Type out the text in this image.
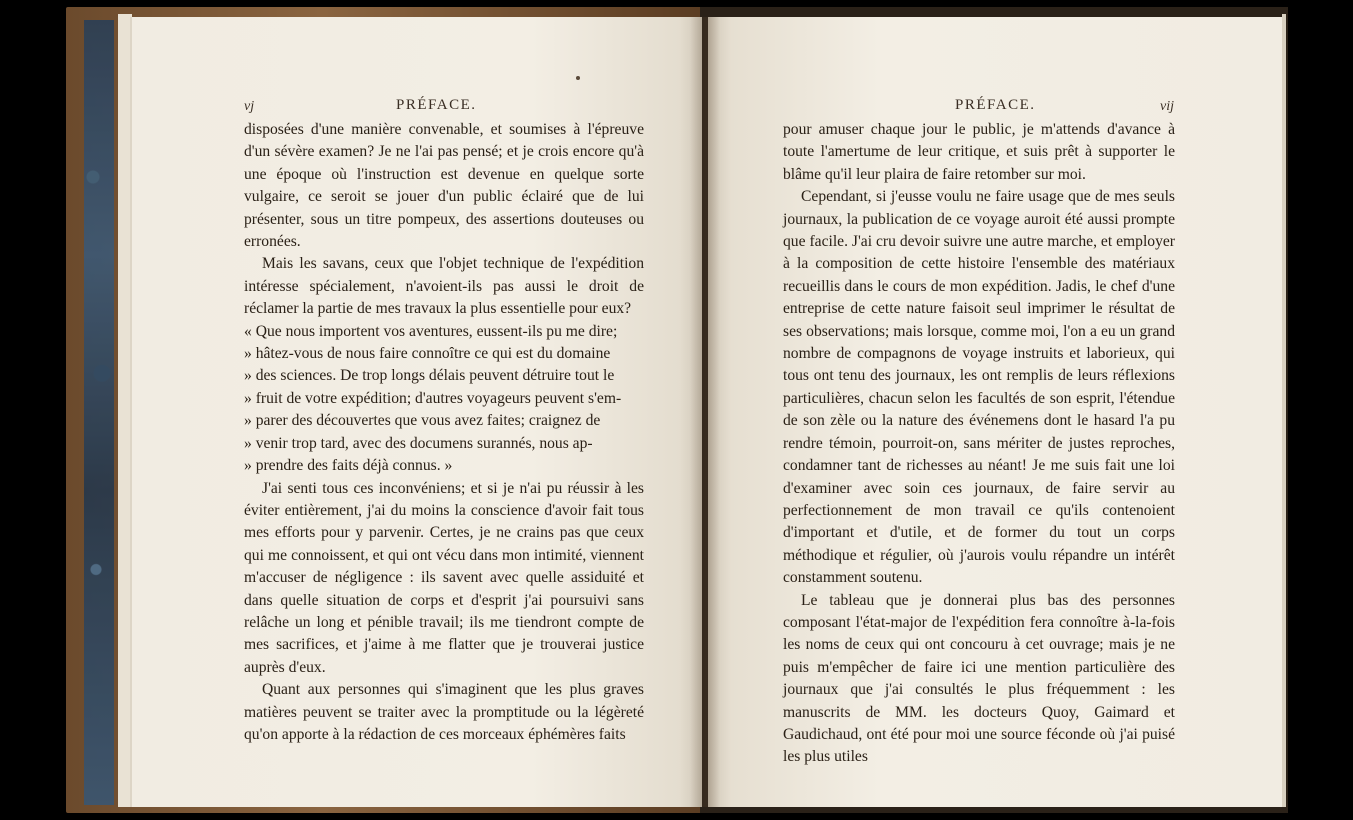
vj	PRÉFACE.

disposées d'une manière convenable, et soumises à l'épreuve d'un sévère examen? Je ne l'ai pas pensé; et je crois encore qu'à une époque où l'instruction est devenue en quelque sorte vulgaire, ce seroit se jouer d'un public éclairé que de lui présenter, sous un titre pompeux, des assertions douteuses ou erronées.

Mais les savans, ceux que l'objet technique de l'expédition intéresse spécialement, n'avoient-ils pas aussi le droit de réclamer la partie de mes travaux la plus essentielle pour eux?

« Que nous importent vos aventures, eussent-ils pu me dire;
» hâtez-vous de nous faire connoître ce qui est du domaine
» des sciences. De trop longs délais peuvent détruire tout le
» fruit de votre expédition; d'autres voyageurs peuvent s'em-
» parer des découvertes que vous avez faites; craignez de
» venir trop tard, avec des documens surannés, nous ap-
» prendre des faits déjà connus. »

J'ai senti tous ces inconvéniens; et si je n'ai pu réussir à les éviter entièrement, j'ai du moins la conscience d'avoir fait tous mes efforts pour y parvenir. Certes, je ne crains pas que ceux qui me connoissent, et qui ont vécu dans mon intimité, viennent m'accuser de négligence : ils savent avec quelle assiduité et dans quelle situation de corps et d'esprit j'ai poursuivi sans relâche un long et pénible travail; ils me tiendront compte de mes sacrifices, et j'aime à me flatter que je trouverai justice auprès d'eux.

Quant aux personnes qui s'imaginent que les plus graves matières peuvent se traiter avec la promptitude ou la légèreté qu'on apporte à la rédaction de ces morceaux éphémères faits

PRÉFACE.	vij

pour amuser chaque jour le public, je m'attends d'avance à toute l'amertume de leur critique, et suis prêt à supporter le blâme qu'il leur plaira de faire retomber sur moi.

Cependant, si j'eusse voulu ne faire usage que de mes seuls journaux, la publication de ce voyage auroit été aussi prompte que facile. J'ai cru devoir suivre une autre marche, et employer à la composition de cette histoire l'ensemble des matériaux recueillis dans le cours de mon expédition. Jadis, le chef d'une entreprise de cette nature faisoit seul imprimer le résultat de ses observations; mais lorsque, comme moi, l'on a eu un grand nombre de compagnons de voyage instruits et laborieux, qui tous ont tenu des journaux, les ont remplis de leurs réflexions particulières, chacun selon les facultés de son esprit, l'étendue de son zèle ou la nature des événemens dont le hasard l'a pu rendre témoin, pourroit-on, sans mériter de justes reproches, condamner tant de richesses au néant! Je me suis fait une loi d'examiner avec soin ces journaux, de faire servir au perfectionnement de mon travail ce qu'ils contenoient d'important et d'utile, et de former du tout un corps méthodique et régulier, où j'aurois voulu répandre un intérêt constamment soutenu.

Le tableau que je donnerai plus bas des personnes composant l'état-major de l'expédition fera connoître à-la-fois les noms de ceux qui ont concouru à cet ouvrage; mais je ne puis m'empêcher de faire ici une mention particulière des journaux que j'ai consultés le plus fréquemment : les manuscrits de MM. les docteurs Quoy, Gaimard et Gaudichaud, ont été pour moi une source féconde où j'ai puisé les plus utiles
